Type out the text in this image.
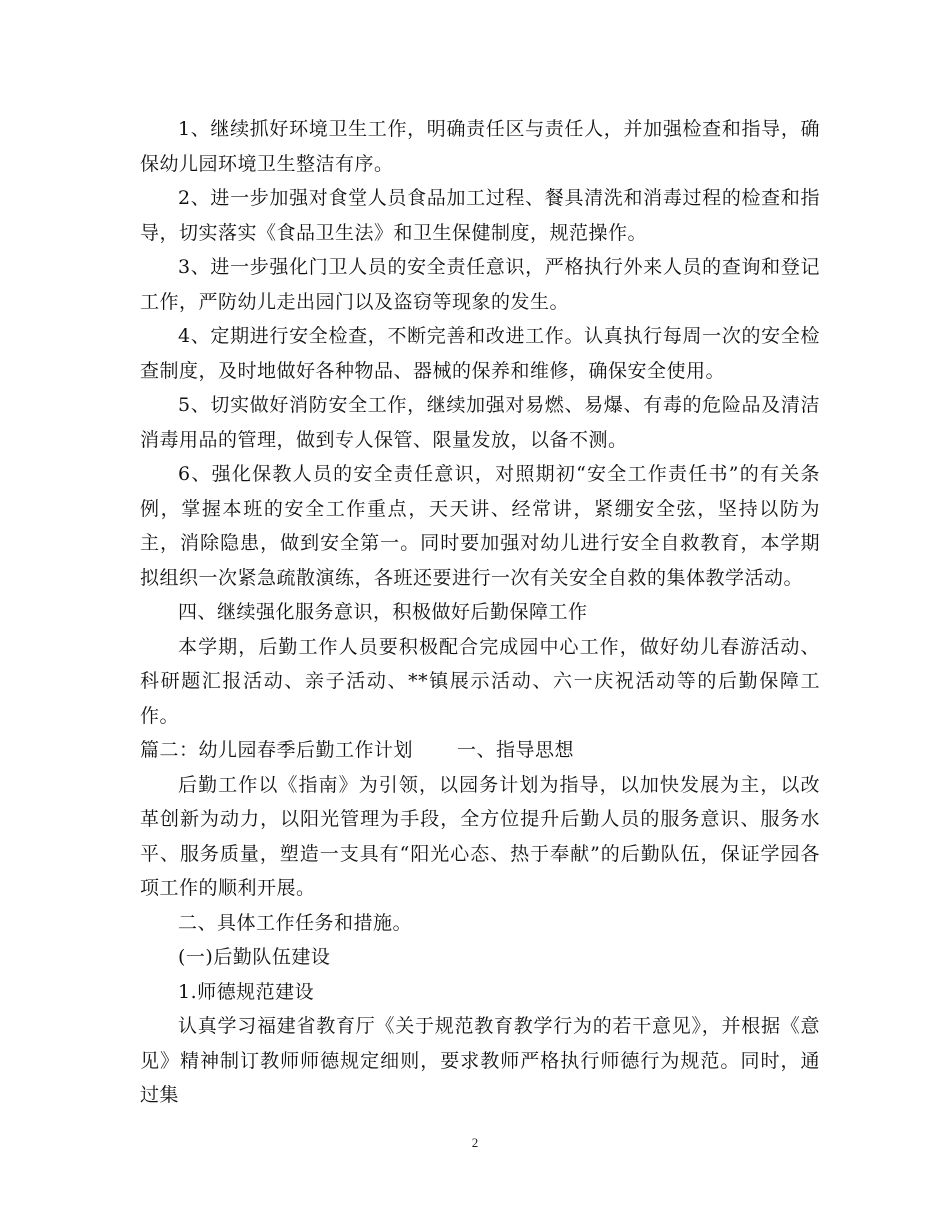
1、继续抓好环境卫生工作，明确责任区与责任人，并加强检查和指导，确保幼儿园环境卫生整洁有序。

2、进一步加强对食堂人员食品加工过程、餐具清洗和消毒过程的检查和指导，切实落实《食品卫生法》和卫生保健制度，规范操作。

3、进一步强化门卫人员的安全责任意识，严格执行外来人员的查询和登记工作，严防幼儿走出园门以及盗窃等现象的发生。

4、定期进行安全检查，不断完善和改进工作。认真执行每周一次的安全检查制度，及时地做好各种物品、器械的保养和维修，确保安全使用。

5、切实做好消防安全工作，继续加强对易燃、易爆、有毒的危险品及清洁消毒用品的管理，做到专人保管、限量发放，以备不测。

6、强化保教人员的安全责任意识，对照期初“安全工作责任书”的有关条例，掌握本班的安全工作重点，天天讲、经常讲，紧绷安全弦，坚持以防为主，消除隐患，做到安全第一。同时要加强对幼儿进行安全自救教育，本学期拟组织一次紧急疏散演练，各班还要进行一次有关安全自救的集体教学活动。

四、继续强化服务意识，积极做好后勤保障工作

本学期，后勤工作人员要积极配合完成园中心工作，做好幼儿春游活动、科研题汇报活动、亲子活动、**镇展示活动、六一庆祝活动等的后勤保障工作。

篇二：幼儿园春季后勤工作计划 一、指导思想

后勤工作以《指南》为引领，以园务计划为指导，以加快发展为主，以改革创新为动力，以阳光管理为手段，全方位提升后勤人员的服务意识、服务水平、服务质量，塑造一支具有“阳光心态、热于奉献”的后勤队伍，保证学园各项工作的顺利开展。

二、具体工作任务和措施。

(一)后勤队伍建设

1.师德规范建设

认真学习福建省教育厅《关于规范教育教学行为的若干意见》，并根据《意见》精神制订教师师德规定细则，要求教师严格执行师德行为规范。同时，通过集

2
